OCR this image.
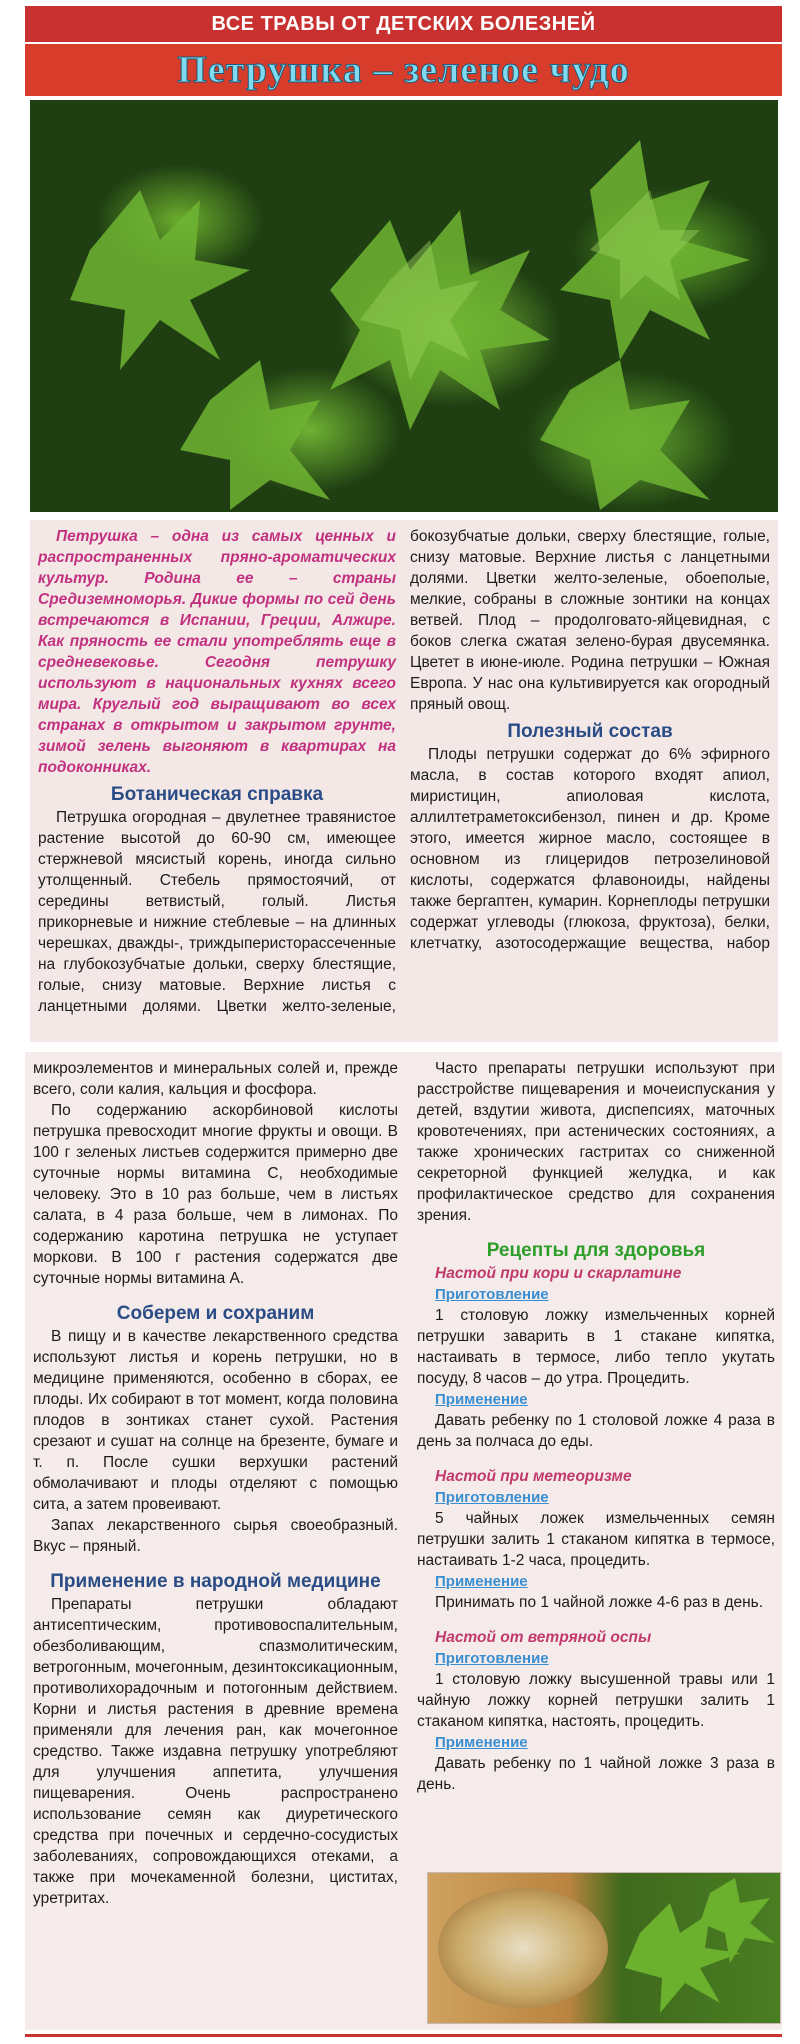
ВСЕ ТРАВЫ ОТ ДЕТСКИХ БОЛЕЗНЕЙ
Петрушка – зеленое чудо

Петрушка – одна из самых ценных и распространенных пряно-ароматических культур. Родина ее – страны Средиземноморья. Дикие формы по сей день встречаются в Испании, Греции, Алжире. Как пряность ее стали употреблять еще в средневековье. Сегодня петрушку используют в национальных кухнях всего мира. Круглый год выращивают во всех странах в открытом и закрытом грунте, зимой зелень выгоняют в квартирах на подоконниках.

Ботаническая справка

Петрушка огородная – двулетнее травянистое растение высотой до 60-90 см, имеющее стержневой мясистый корень, иногда сильно утолщенный. Стебель прямостоячий, от середины ветвистый, голый. Листья прикорневые и нижние стеблевые – на длинных черешках, дважды-, триждыперисторассеченные на глубокозубчатые дольки, сверху блестящие, голые, снизу матовые. Верхние листья с ланцетными долями. Цветки желто-зеленые,

бокозубчатые дольки, сверху блестящие, голые, снизу матовые. Верхние листья с ланцетными долями. Цветки желто-зеленые, обоеполые, мелкие, собраны в сложные зонтики на концах ветвей. Плод – продолговато-яйцевидная, с боков слегка сжатая зелено-бурая двусемянка. Цветет в июне-июле. Родина петрушки – Южная Европа. У нас она культивируется как огородный пряный овощ.

Полезный состав

Плоды петрушки содержат до 6% эфирного масла, в состав которого входят апиол, миристицин, апиоловая кислота, аллилтетраметоксибензол, пинен и др. Кроме этого, имеется жирное масло, состоящее в основном из глицеридов петрозелиновой кислоты, содержатся флавоноиды, найдены также бергаптен, кумарин. Корнеплоды петрушки содержат углеводы (глюкоза, фруктоза), белки, клетчатку, азотосодержащие вещества, набор

микроэлементов и минеральных солей и, прежде всего, соли калия, кальция и фосфора.

По содержанию аскорбиновой кислоты петрушка превосходит многие фрукты и овощи. В 100 г зеленых листьев содержится примерно две суточные нормы витамина С, необходимые человеку. Это в 10 раз больше, чем в листьях салата, в 4 раза больше, чем в лимонах. По содержанию каротина петрушка не уступает моркови. В 100 г растения содержатся две суточные нормы витамина А.

Соберем и сохраним

В пищу и в качестве лекарственного средства используют листья и корень петрушки, но в медицине применяются, особенно в сборах, ее плоды. Их собирают в тот момент, когда половина плодов в зонтиках станет сухой. Растения срезают и сушат на солнце на брезенте, бумаге и т. п. После сушки верхушки растений обмолачивают и плоды отделяют с помощью сита, а затем провеивают.

Запах лекарственного сырья своеобразный. Вкус – пряный.

Применение в народной медицине

Препараты петрушки обладают антисептическим, противовоспалительным, обезболивающим, спазмолитическим, ветрогонным, мочегонным, дезинтоксикационным, противолихорадочным и потогонным действием. Корни и листья растения в древние времена применяли для лечения ран, как мочегонное средство. Также издавна петрушку употребляют для улучшения аппетита, улучшения пищеварения. Очень распространено использование семян как диуретического средства при почечных и сердечно-сосудистых заболеваниях, сопровождающихся отеками, а также при мочекаменной болезни, циститах, уретритах.

Часто препараты петрушки используют при расстройстве пищеварения и мочеиспускания у детей, вздутии живота, диспепсиях, маточных кровотечениях, при астенических состояниях, а также хронических гастритах со сниженной секреторной функцией желудка, и как профилактическое средство для сохранения зрения.

Рецепты для здоровья

Настой при кори и скарлатине

Приготовление

1 столовую ложку измельченных корней петрушки заварить в 1 стакане кипятка, настаивать в термосе, либо тепло укутать посуду, 8 часов – до утра. Процедить.

Применение

Давать ребенку по 1 столовой ложке 4 раза в день за полчаса до еды.

Настой при метеоризме

Приготовление

5 чайных ложек измельченных семян петрушки залить 1 стаканом кипятка в термосе, настаивать 1-2 часа, процедить.

Применение

Принимать по 1 чайной ложке 4-6 раз в день.

Настой от ветряной оспы

Приготовление

1 столовую ложку высушенной травы или 1 чайную ложку корней петрушки залить 1 стаканом кипятка, настоять, процедить.

Применение

Давать ребенку по 1 чайной ложке 3 раза в день.
